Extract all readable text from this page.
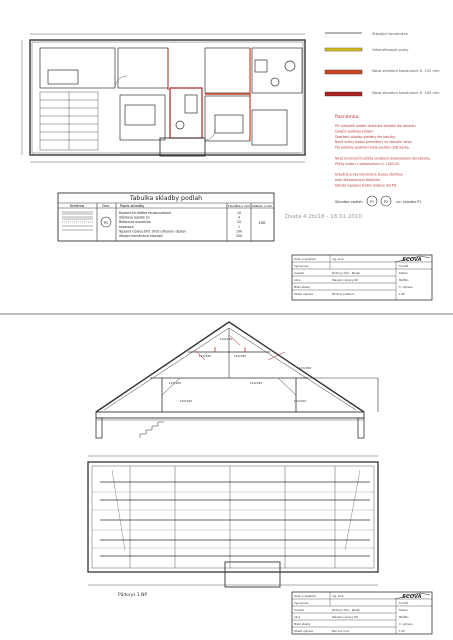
Stávající konstrukce
Odstraňované prvky
Nová stavební konstrukce tl. 125 mm
Nová stavební konstrukce tl. 100 mm
Poznámka:
Při výstavbě podlah dodržujte skladbu dle obrázku.
Izolační podklad podlah:
Dodržení skladby podlahy dle tabulky.
Nové vrstvy budou provedeny na stávající strop.
Pro podlahy podkroví bude použita OSB deska.
Nové konstrukční příčky vyrobené dodavatelem dle tabulky.
Příčky budou v sádrokartonu tl. 100/125.
Dřevěné prvky konstrukce budou ošetřeny
proti dřevokazným škůdcům.
Detaily napojení budou dodány dle PD.
Skladba podlah P1	P2 viz. skladba P1
Tabulka skladby podlah
Schéma	Ozn.	Popis skladby	Tloušťka v mm Celkem v mm
P1
Keramická dlažba mrazuvzdorná	10
Stěrkové lepidlo 2x	4
Betonová mazanina	25
separace	1
Tepelná izolace EPS 100S (dřevovl. desky)	100
Stropní konstrukce stávající	200
150
Dsata 4.2b/18 - 18.01.2010
Zodp. projektant	Ing. arch.
Vypracoval
Investor	Rodinný dům - Novák
Akce	Stavební úpravy RD
Místo stavby
Obsah výkresu	Půdorys podkroví
Formát
Datum
Měřítko
Č. výkresu
1:50
ECOVA
120/180	120/180
120/180
120/180	120/180
100/100
100/160	100/160
Půdorys 1.NP	Zodp. projektant	Ing. arch.
Vypracoval
Investor	Rodinný dům - Novák
Akce	Stavební úpravy RD
Místo stavby
Obsah výkresu	Řez A-A, krov
Formát
Datum
Měřítko
Č. výkresu
1:50
ECOVA
